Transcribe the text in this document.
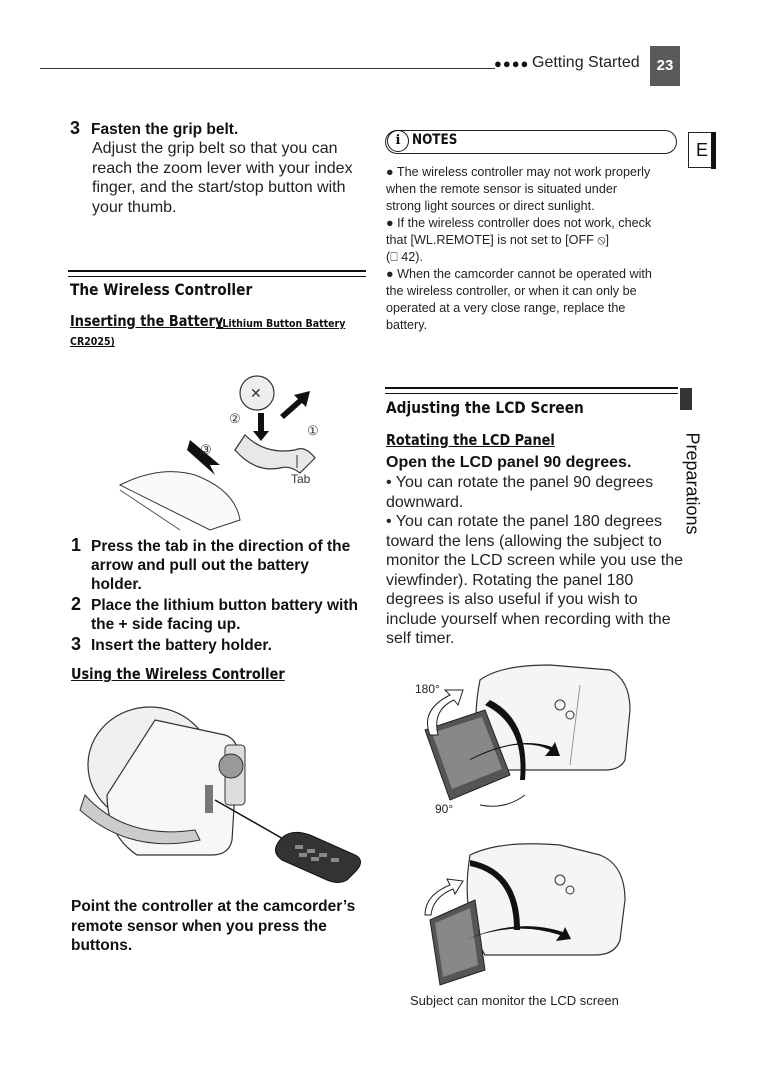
●●●● Getting Started	23
E
Preparations
3 Fasten the grip belt.
Adjust the grip belt so that you can
reach the zoom lever with your index
finger, and the start/stop button with
your thumb.
The Wireless Controller
Inserting the Battery
(Lithium Button Battery
CR2025)
✕
②
①
③
Tab
1 Press the tab in the direction of the
arrow and pull out the battery
holder.
2 Place the lithium button battery with
the + side facing up.
3 Insert the battery holder.
Using the Wireless Controller
Point the controller at the camcorder’s
remote sensor when you press the
buttons.
i NOTES
● The wireless controller may not work properly
when the remote sensor is situated under
strong light sources or direct sunlight.
● If the wireless controller does not work, check
that [WL.REMOTE] is not set to [OFF ⦸]
(⎕ 42).
● When the camcorder cannot be operated with
the wireless controller, or when it can only be
operated at a very close range, replace the
battery.
Adjusting the LCD Screen
Rotating the LCD Panel
Open the LCD panel 90 degrees.
• You can rotate the panel 90 degrees
downward.
• You can rotate the panel 180 degrees
toward the lens (allowing the subject to
monitor the LCD screen while you use the
viewfinder). Rotating the panel 180
degrees is also useful if you wish to
include yourself when recording with the
self timer.
180°
90°
Subject can monitor the LCD screen
